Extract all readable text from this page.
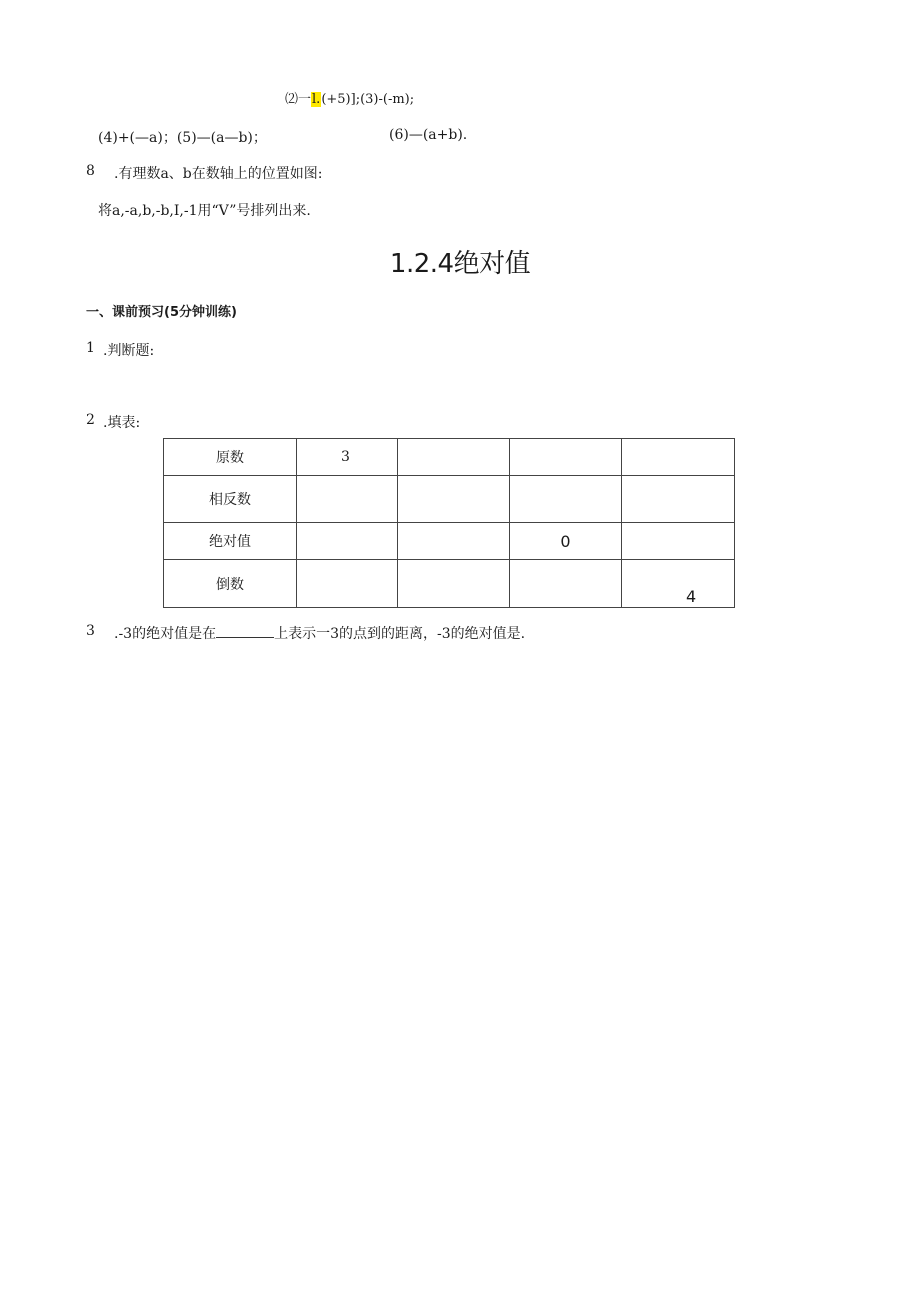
⑵一l.(+5)];(3)-(-m);
(4)+(—a)；(5)—(a—b)；	(6)—(a+b).
8 .有理数a、b在数轴上的位置如图:
将a,-a,b,-b,I,-1用“V”号排列出来.
1.2.4绝对值
一、课前预习(5分钟训练)
1 .判断题:
2 .填表:
原数	3			
相反数				
绝对值			0	
倒数				4
3 .-3的绝对值是在	上表示一3的点到的距离，-3的绝对值是.
